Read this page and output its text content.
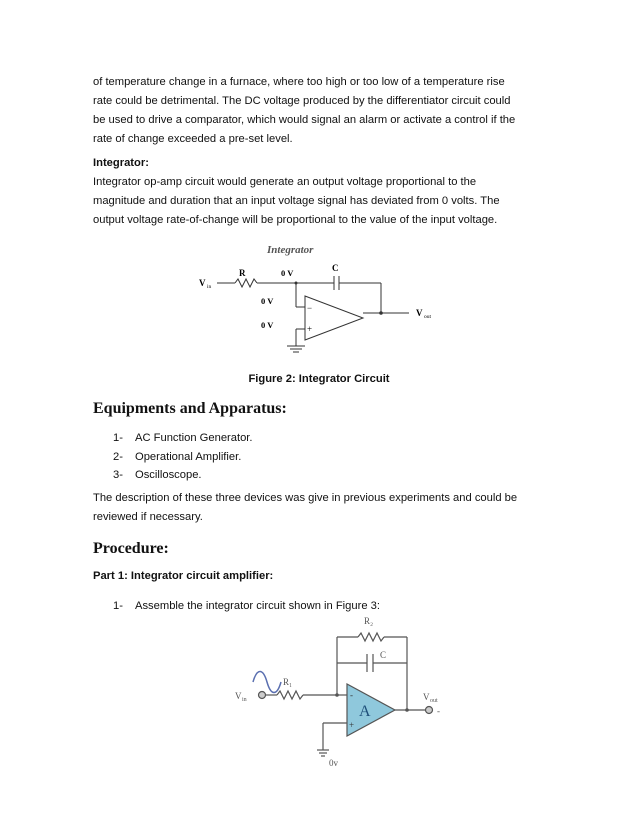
of temperature change in a furnace, where too high or too low of a temperature rise

rate could be detrimental. The DC voltage produced by the differentiator circuit could

be used to drive a comparator, which would signal an alarm or activate a control if the

rate of change exceeded a pre-set level.

Integrator:

Integrator op-amp circuit would generate an output voltage proportional to the

magnitude and duration that an input voltage signal has deviated from 0 volts. The

output voltage rate-of-change will be proportional to the value of the input voltage.

Integrator
V in
R	0 V	C
0 V
0 V
−
+
V out

Figure 2: Integrator Circuit

Equipments and Apparatus:

1-	AC Function Generator.
2-	Operational Amplifier.
3-	Oscilloscope.

The description of these three devices was give in previous experiments and could be

reviewed if necessary.

Procedure:

Part 1: Integrator circuit amplifier:

1-	Assemble the integrator circuit shown in Figure 3:
R₂
C
R₁
V in	V out
-
A
-
+
0v
